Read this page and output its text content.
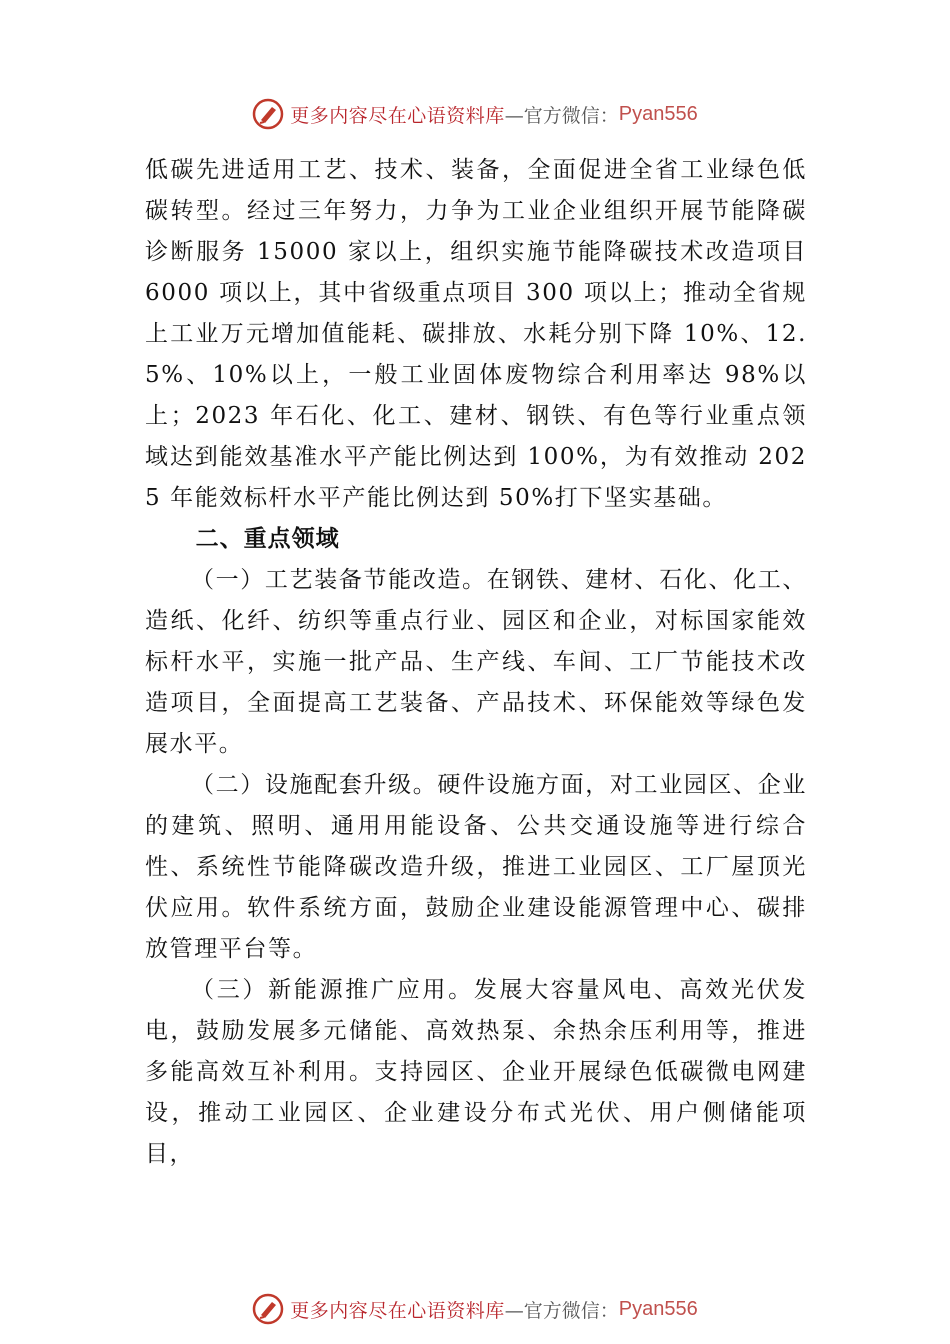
更多内容尽在心语资料库 —官方微信： Pyan556

低碳先进适用工艺、技术、装备，全面促进全省工业绿色低碳转型。经过三年努力，力争为工业企业组织开展节能降碳诊断服务 15000 家以上，组织实施节能降碳技术改造项目 6000 项以上，其中省级重点项目 300 项以上；推动全省规上工业万元增加值能耗、碳排放、水耗分别下降 10%、12.5%、10%以上，一般工业固体废物综合利用率达 98%以上；2023 年石化、化工、建材、钢铁、有色等行业重点领域达到能效基准水平产能比例达到 100%，为有效推动 2025 年能效标杆水平产能比例达到 50%打下坚实基础。

二、重点领域

（一）工艺装备节能改造。在钢铁、建材、石化、化工、造纸、化纤、纺织等重点行业、园区和企业，对标国家能效标杆水平，实施一批产品、生产线、车间、工厂节能技术改造项目，全面提高工艺装备、产品技术、环保能效等绿色发展水平。

（二）设施配套升级。硬件设施方面，对工业园区、企业的建筑、照明、通用用能设备、公共交通设施等进行综合性、系统性节能降碳改造升级，推进工业园区、工厂屋顶光伏应用。软件系统方面，鼓励企业建设能源管理中心、碳排放管理平台等。

（三）新能源推广应用。发展大容量风电、高效光伏发电，鼓励发展多元储能、高效热泵、余热余压利用等，推进多能高效互补利用。支持园区、企业开展绿色低碳微电网建设，推动工业园区、企业建设分布式光伏、用户侧储能项目，

更多内容尽在心语资料库 —官方微信： Pyan556
